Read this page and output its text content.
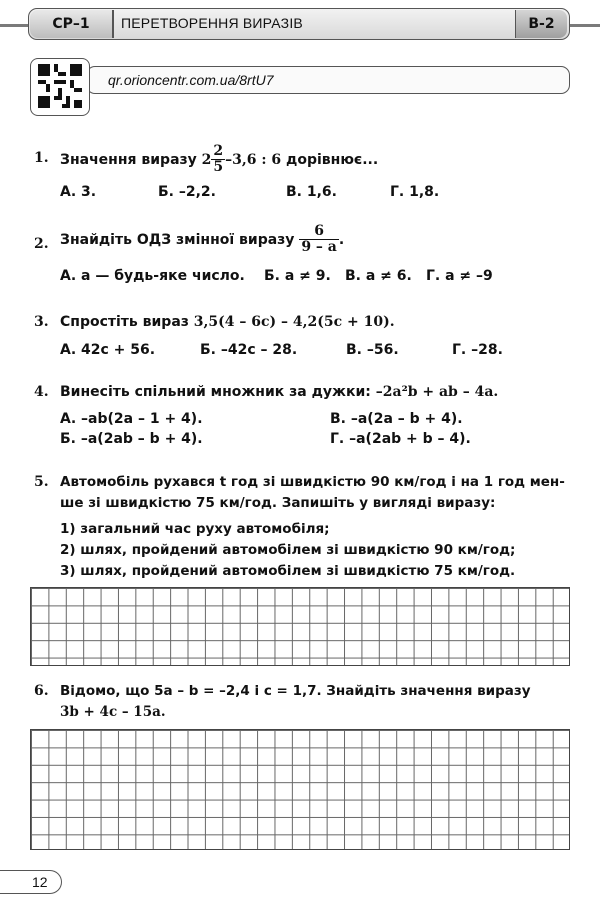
СР–1	ПЕРЕТВОРЕННЯ ВИРАЗІВ	В-2
qr.orioncentr.com.ua/8rtU7
1. Значення виразу $2 \frac{2}{5} -3,6$ : 6 дорівнює...
А. 3.	Б. –2,2.	В. 1,6.	Г. 1,8.
2. Знайдіть ОДЗ змінної виразу $\frac{6}{9 - a}$ .
А. a — будь-яке число. Б. a ≠ 9. В. a ≠ 6. Г. a ≠ –9
3. Спростіть вираз 3,5(4 – 6c) – 4,2(5c + 10).
А. 42c + 56.	Б. –42c – 28.	В. –56.	Г. –28.
4. Винесіть спільний множник за дужки: –2a²b + ab – 4a.
А. –ab(2a – 1 + 4).	В. –a(2a – b + 4).
Б. –a(2ab – b + 4).	Г. –a(2ab + b – 4).
5. Автомобіль рухався t год зі швидкістю 90 км/год і на 1 год мен-
ше зі швидкістю 75 км/год. Запишіть у вигляді виразу:
1) загальний час руху автомобіля;
2) шлях, пройдений автомобілем зі швидкістю 90 км/год;
3) шлях, пройдений автомобілем зі швидкістю 75 км/год.
6. Відомо, що 5a – b = –2,4 і c = 1,7. Знайдіть значення виразу
3b + 4c – 15a.
12
